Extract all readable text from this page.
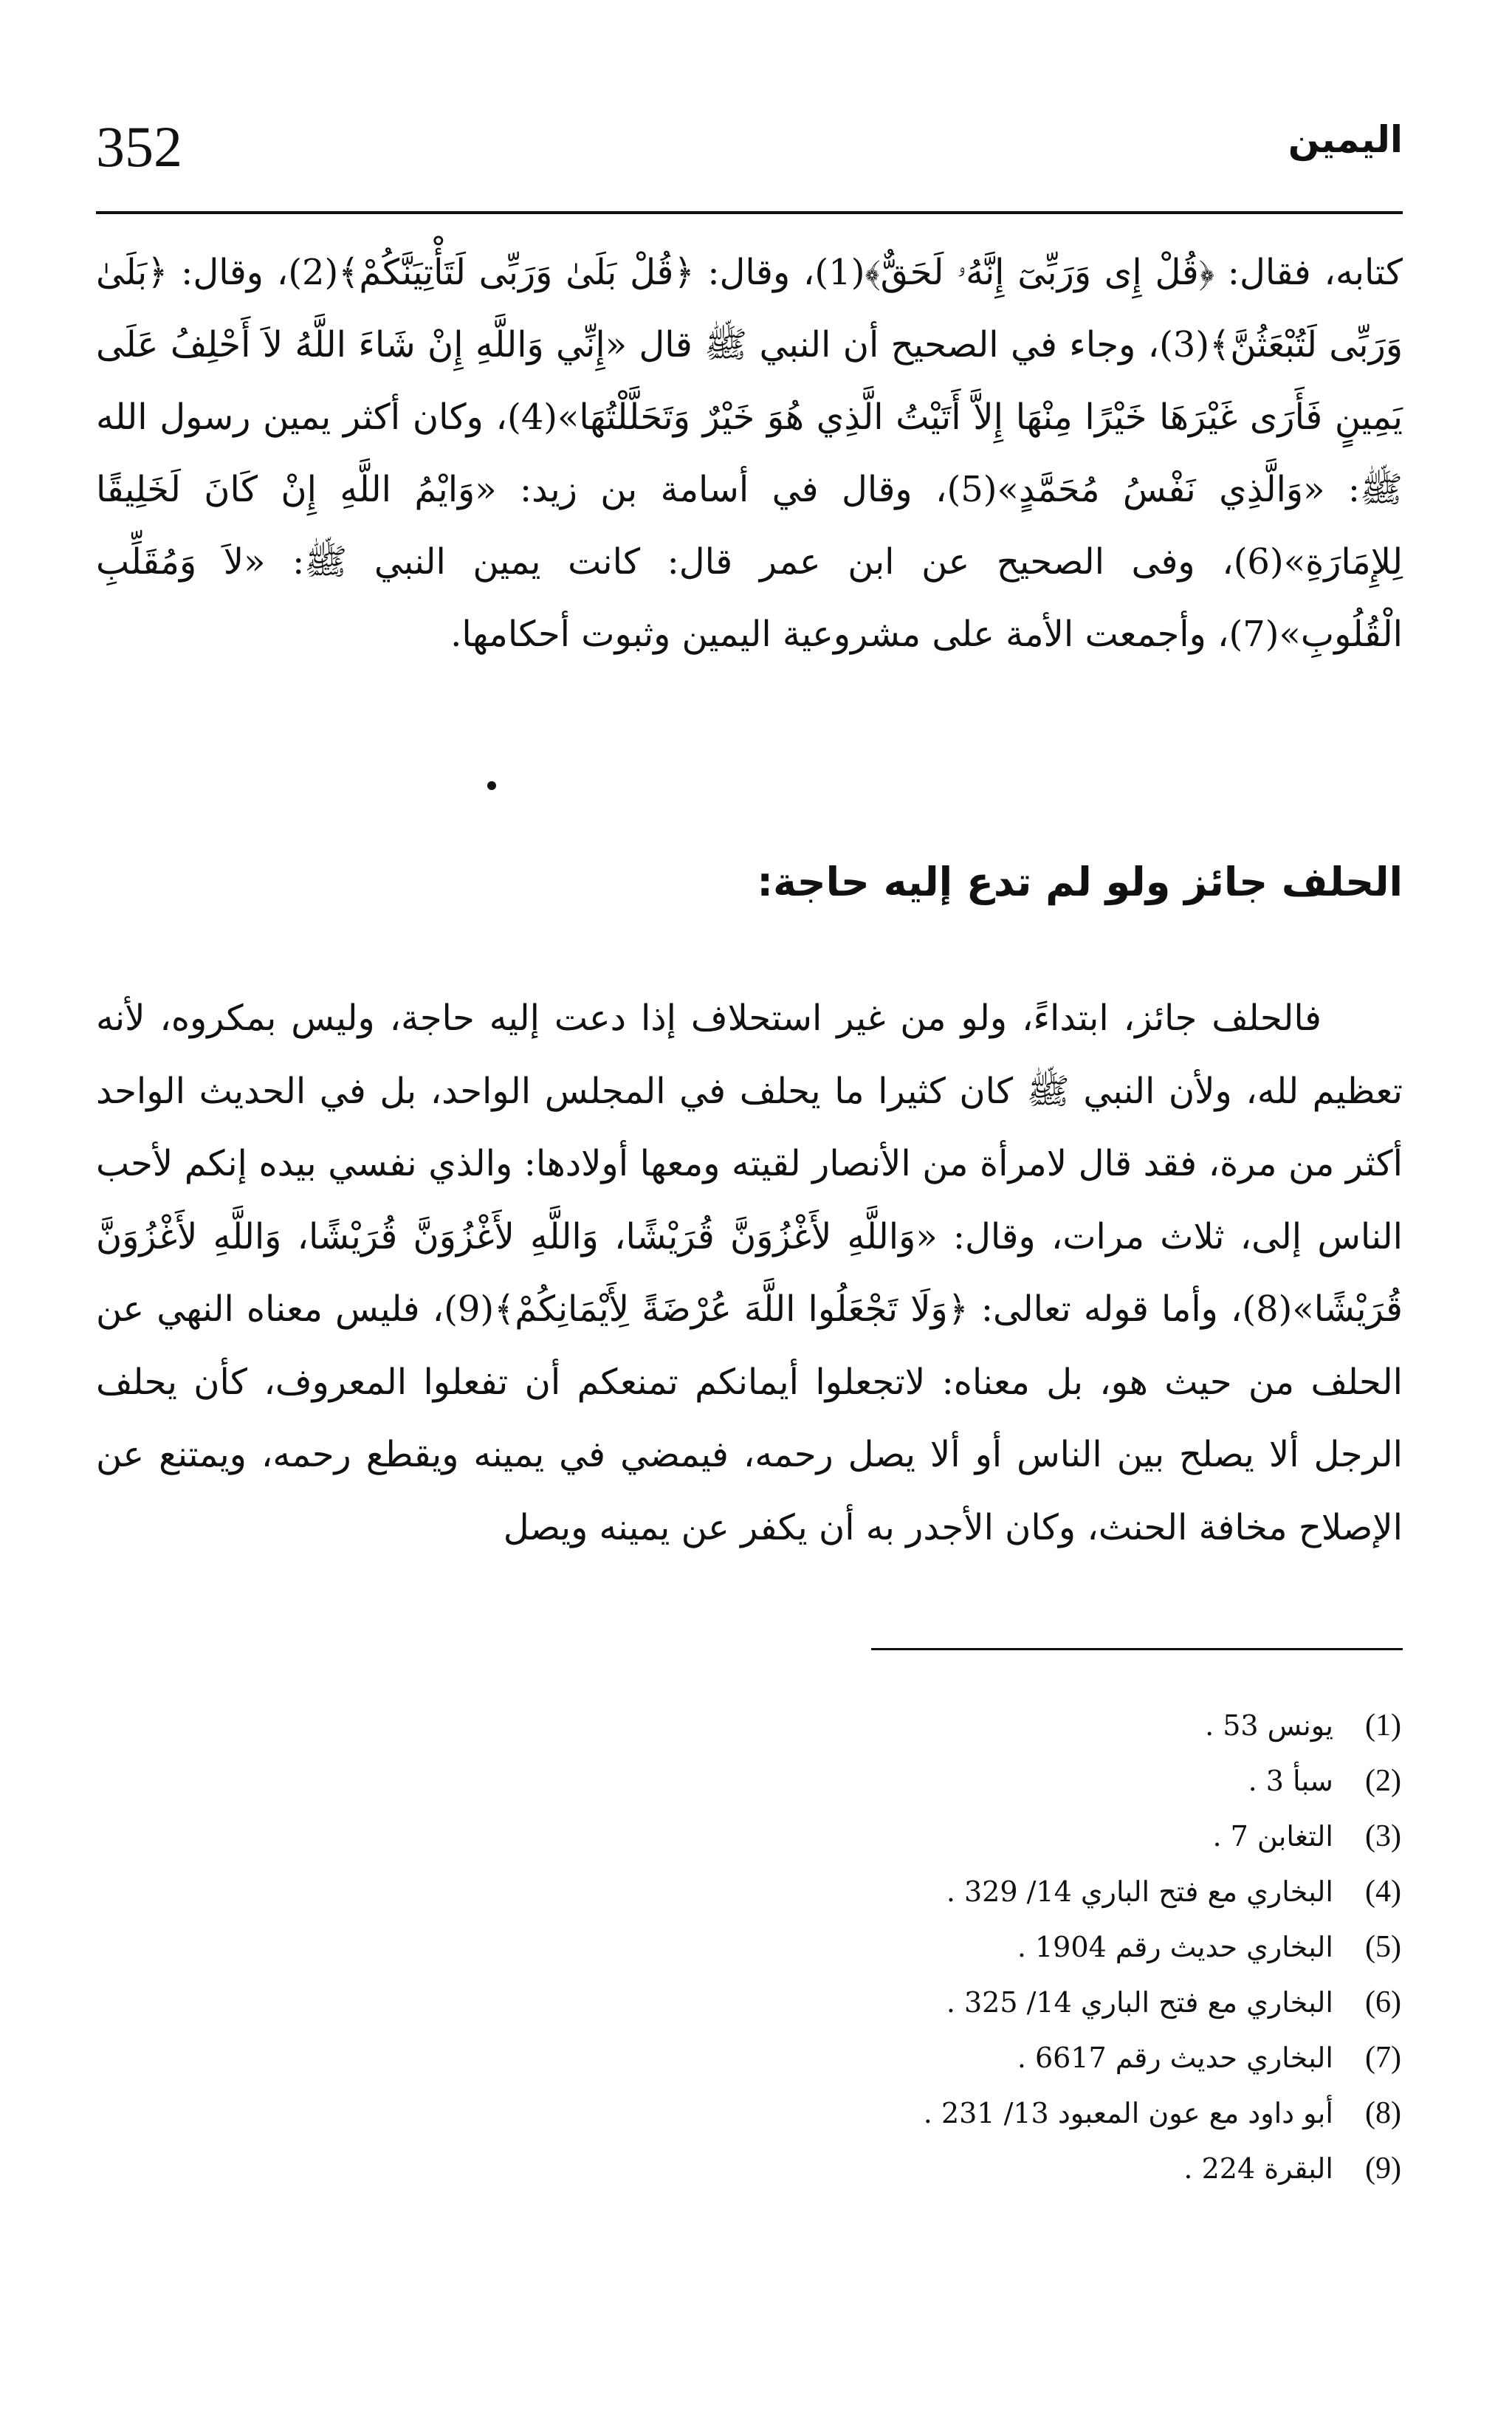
352	اليمين

كتابه، فقال: ﴿قُلْ إِى وَرَبِّىٓ إِنَّهُۥ لَحَقٌّ﴾(1)، وقال: ﴿قُلْ بَلَىٰ وَرَبِّى لَتَأْتِيَنَّكُمْ﴾(2)، وقال: ﴿بَلَىٰ وَرَبِّى لَتُبْعَثُنَّ﴾(3)، وجاء في الصحيح أن النبي ﷺ قال «إِنِّي وَاللَّهِ إِنْ شَاءَ اللَّهُ لاَ أَحْلِفُ عَلَى يَمِينٍ فَأَرَى غَيْرَهَا خَيْرًا مِنْهَا إِلاَّ أَتَيْتُ الَّذِي هُوَ خَيْرٌ وَتَحَلَّلْتُهَا»(4)، وكان أكثر يمين رسول الله ﷺ: «وَالَّذِي نَفْسُ مُحَمَّدٍ»(5)، وقال في أسامة بن زيد: «وَايْمُ اللَّهِ إِنْ كَانَ لَخَلِيقًا لِلإِمَارَةِ»(6)، وفى الصحيح عن ابن عمر قال: كانت يمين النبي ﷺ: «لاَ وَمُقَلِّبِ الْقُلُوبِ»(7)، وأجمعت الأمة على مشروعية اليمين وثبوت أحكامها.

الحلف جائز ولو لم تدع إليه حاجة:

فالحلف جائز، ابتداءً، ولو من غير استحلاف إذا دعت إليه حاجة، وليس بمكروه، لأنه تعظيم لله، ولأن النبي ﷺ كان كثيرا ما يحلف في المجلس الواحد، بل في الحديث الواحد أكثر من مرة، فقد قال لامرأة من الأنصار لقيته ومعها أولادها: والذي نفسي بيده إنكم لأحب الناس إلى، ثلاث مرات، وقال: «وَاللَّهِ لأَغْزُوَنَّ قُرَيْشًا، وَاللَّهِ لأَغْزُوَنَّ قُرَيْشًا، وَاللَّهِ لأَغْزُوَنَّ قُرَيْشًا»(8)، وأما قوله تعالى: ﴿وَلَا تَجْعَلُوا اللَّهَ عُرْضَةً لِأَيْمَانِكُمْ﴾(9)، فليس معناه النهي عن الحلف من حيث هو، بل معناه: لاتجعلوا أيمانكم تمنعكم أن تفعلوا المعروف، كأن يحلف الرجل ألا يصلح بين الناس أو ألا يصل رحمه، فيمضي في يمينه ويقطع رحمه، ويمتنع عن الإصلاح مخافة الحنث، وكان الأجدر به أن يكفر عن يمينه ويصل

(1) يونس 53 .
(2) سبأ 3 .
(3) التغابن 7 .
(4) البخاري مع فتح الباري 14/ 329 .
(5) البخاري حديث رقم 1904 .
(6) البخاري مع فتح الباري 14/ 325 .
(7) البخاري حديث رقم 6617 .
(8) أبو داود مع عون المعبود 13/ 231 .
(9) البقرة 224 .
